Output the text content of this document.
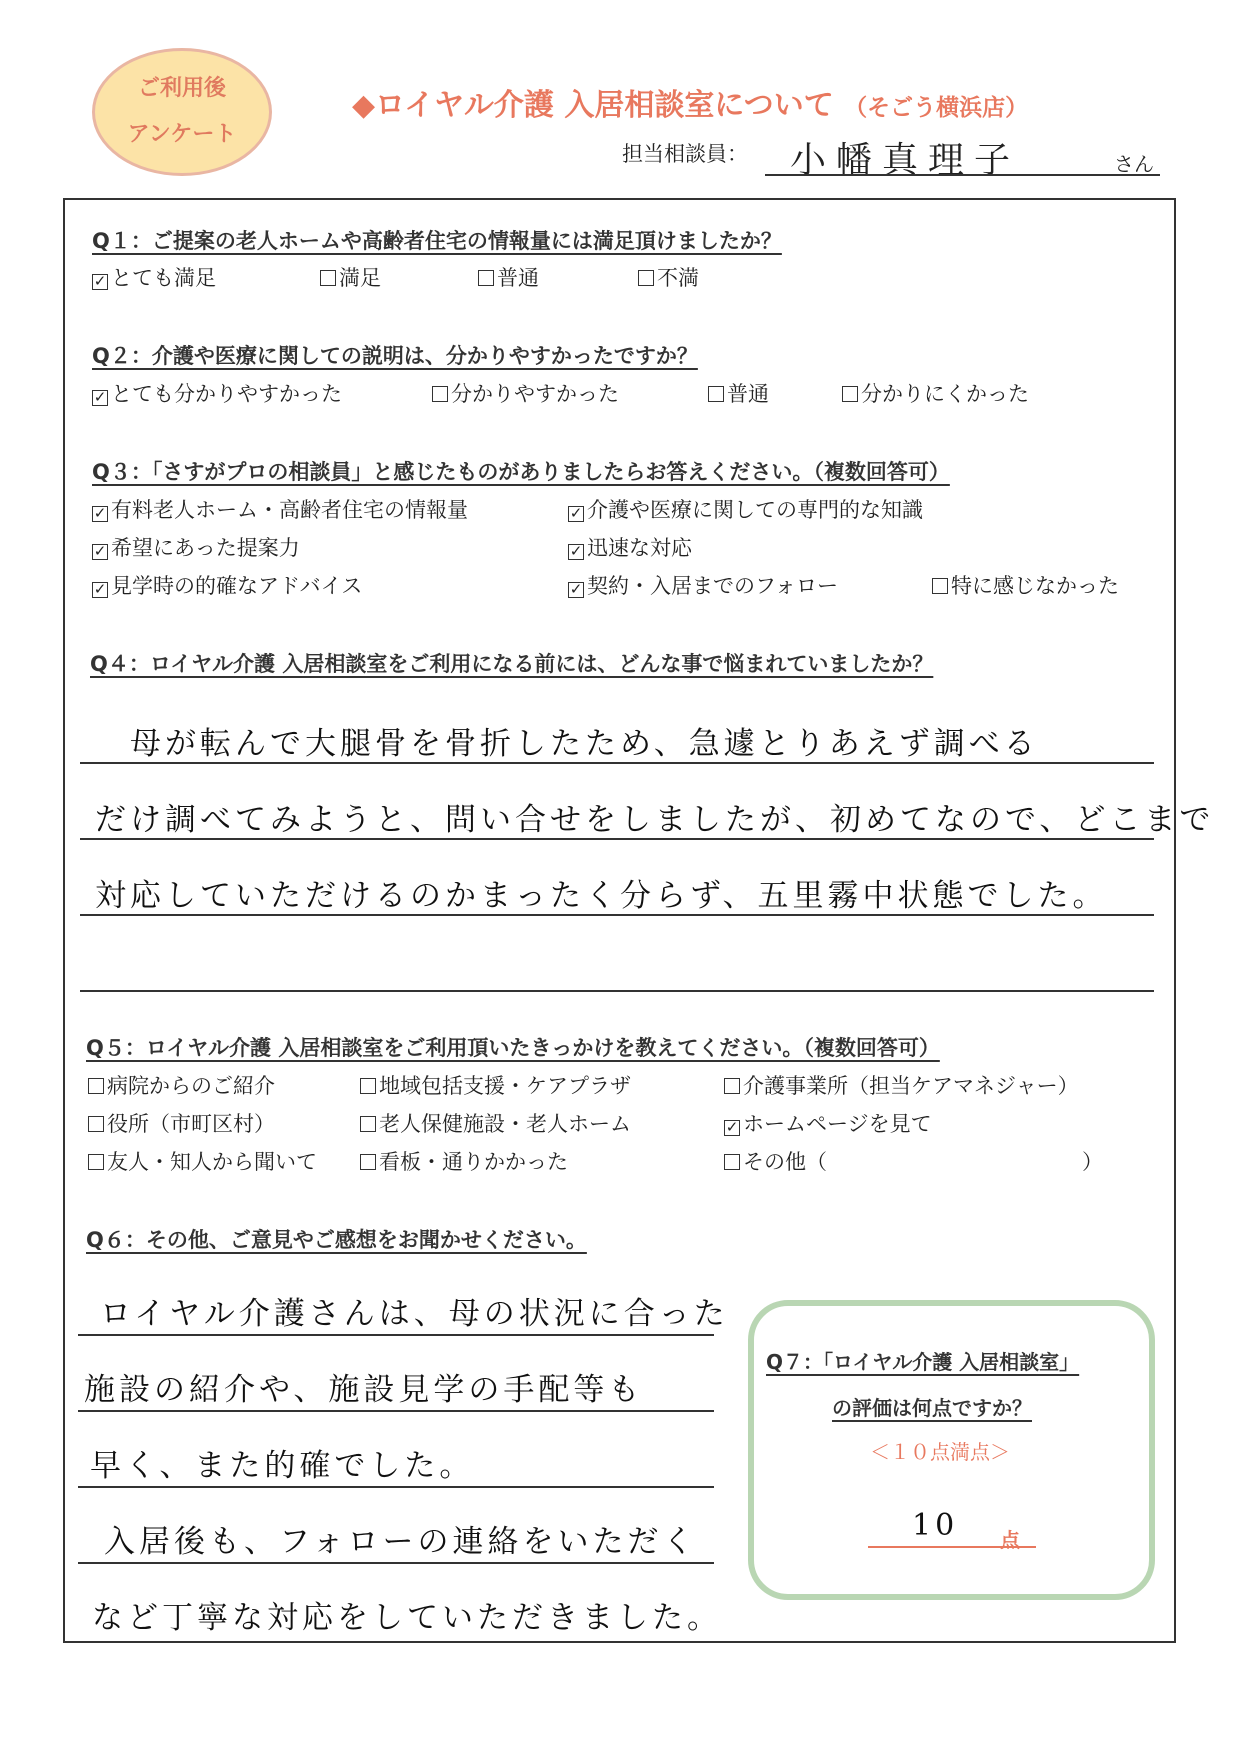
ご利用後
アンケート
◆ロイヤル介護 入居相談室について （そごう横浜店）
担当相談員： 小幡真理子	さん
Q１：ご提案の老人ホームや高齢者住宅の情報量には満足頂けましたか？
✓ とても満足	満足	普通	不満
Q２：介護や医療に関しての説明は、分かりやすかったですか？
✓ とても分かりやすかった	分かりやすかった	普通	分かりにくかった
Q３：「さすがプロの相談員」と感じたものがありましたらお答えください。（複数回答可）
✓ 有料老人ホーム・高齢者住宅の情報量	✓ 介護や医療に関しての専門的な知識
✓ 希望にあった提案力	✓ 迅速な対応
✓ 見学時の的確なアドバイス	✓ 契約・入居までのフォロー	特に感じなかった
Q４：ロイヤル介護 入居相談室をご利用になる前には、どんな事で悩まれていましたか？
母が転んで大腿骨を骨折したため、急遽とりあえず調べる
だけ調べてみようと、問い合せをしましたが、初めてなので、どこまで
対応していただけるのかまったく分らず、五里霧中状態でした。
Q５：ロイヤル介護 入居相談室をご利用頂いたきっかけを教えてください。（複数回答可）
病院からのご紹介	地域包括支援・ケアプラザ	介護事業所（担当ケアマネジャー）
役所（市町区村）	老人保健施設・老人ホーム	✓ ホームページを見て
友人・知人から聞いて	看板・通りかかった	その他（	）
Q６：その他、ご意見やご感想をお聞かせください。
ロイヤル介護さんは、母の状況に合った
施設の紹介や、施設見学の手配等も
早く、また的確でした。
入居後も、フォローの連絡をいただく
など丁寧な対応をしていただきました。
Q７：「ロイヤル介護 入居相談室」
の評価は何点ですか？
＜１０点満点＞
10 点
